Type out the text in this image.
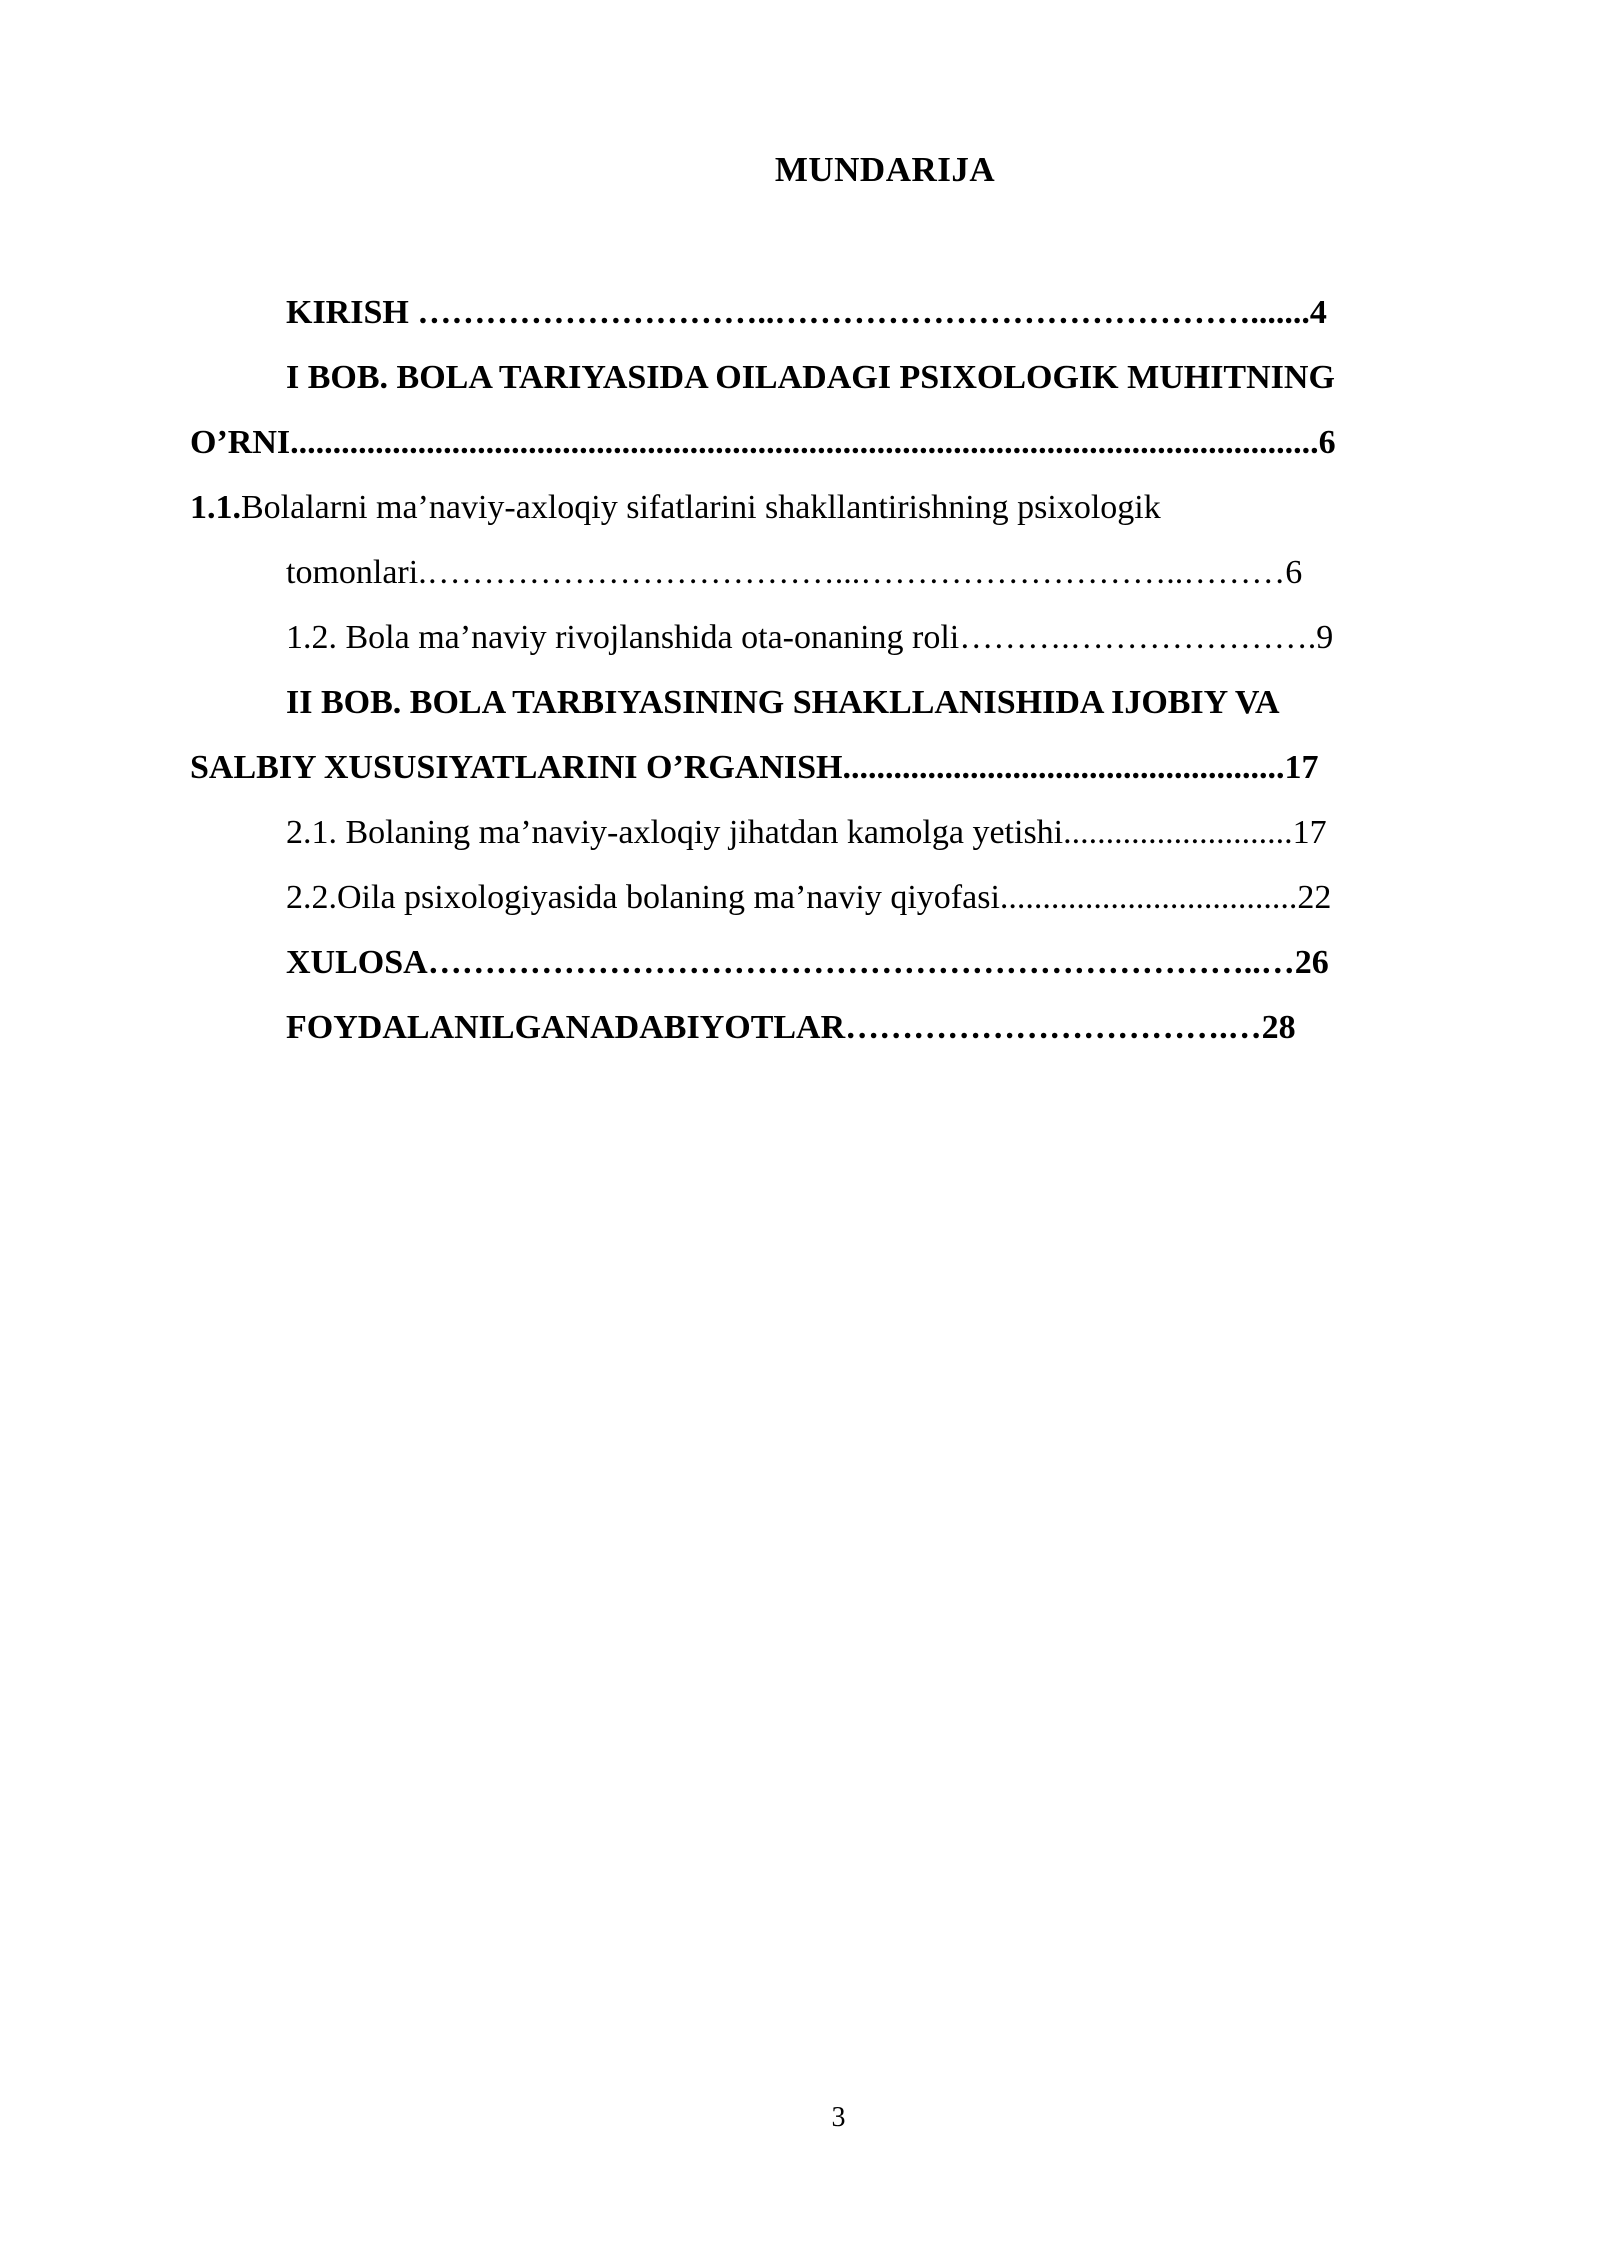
MUNDARIJA
KIRISH …………………………..…………………………………….......4
I BOB. BOLA TARIYASIDA OILADAGI PSIXOLOGIK MUHITNING
O’RNI.........................................................................................................................6
1.1.Bolalarni ma’naviy-axloqiy sifatlarini shakllantirishning psixologik
tomonlari.………………………………...………………………..………6
1.2. Bola ma’naviy rivojlanshida ota-onaning roli……….………………….9
II BOB. BOLA TARBIYASINING SHAKLLANISHIDA IJOBIY VA
SALBIY XUSUSIYATLARINI O’RGANISH....................................................17
2.1. Bolaning ma’naviy-axloqiy jihatdan kamolga yetishi...........................17
2.2.Oila psixologiyasida bolaning ma’naviy qiyofasi...................................22
XULOSA………………………………………………………………..…26
FOYDALANILGANADABIYOTLAR…………………………….…28
3
